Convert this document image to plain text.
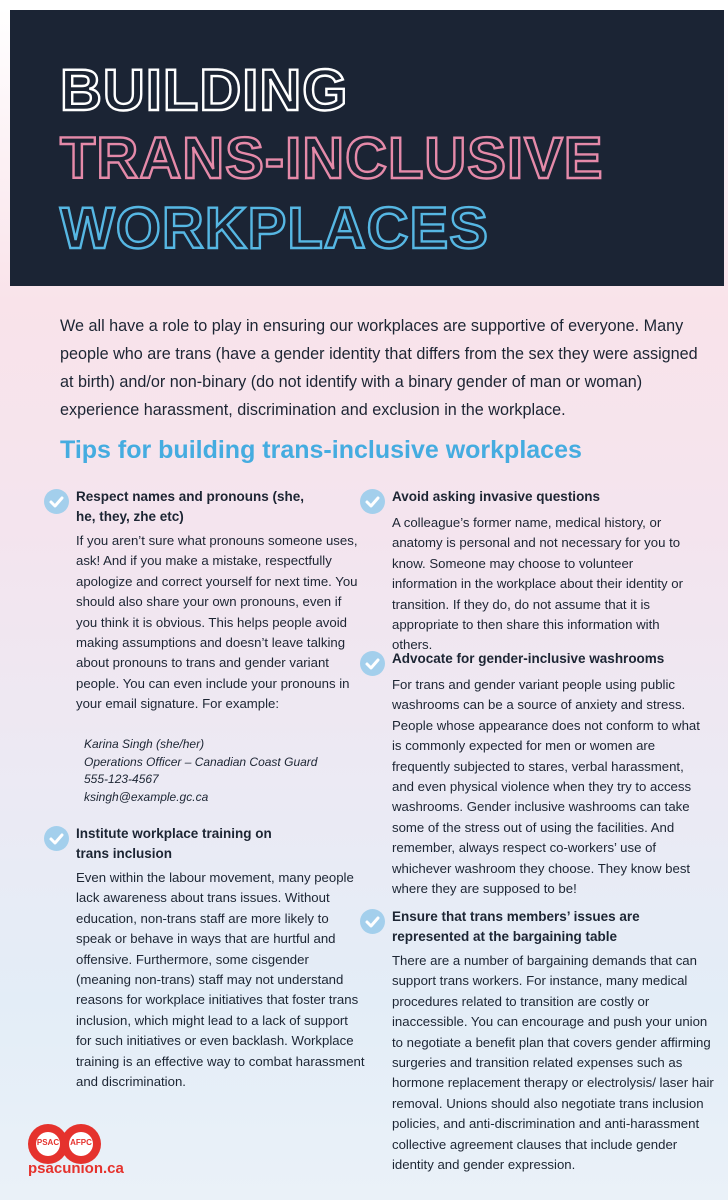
BUILDING
TRANS-INCLUSIVE
WORKPLACES

We all have a role to play in ensuring our workplaces are supportive of everyone. Many people who are trans (have a gender identity that differs from the sex they were assigned at birth) and/or non-binary (do not identify with a binary gender of man or woman) experience harassment, discrimination and exclusion in the workplace.

Tips for building trans-inclusive workplaces

Respect names and pronouns (she, he, they, zhe etc)

If you aren’t sure what pronouns someone uses, ask! And if you make a mistake, respectfully apologize and correct yourself for next time. You should also share your own pronouns, even if you think it is obvious. This helps people avoid making assumptions and doesn’t leave talking about pronouns to trans and gender variant people. You can even include your pronouns in your email signature. For example:

Karina Singh (she/her)
Operations Officer – Canadian Coast Guard
555-123-4567
ksingh@example.gc.ca

Institute workplace training on trans inclusion

Even within the labour movement, many people lack awareness about trans issues. Without education, non-trans staff are more likely to speak or behave in ways that are hurtful and offensive. Furthermore, some cisgender (meaning non-trans) staff may not understand reasons for workplace initiatives that foster trans inclusion, which might lead to a lack of support for such initiatives or even backlash. Workplace training is an effective way to combat harassment and discrimination.

Avoid asking invasive questions

A colleague’s former name, medical history, or anatomy is personal and not necessary for you to know. Someone may choose to volunteer information in the workplace about their identity or transition. If they do, do not assume that it is appropriate to then share this information with others.

Advocate for gender-inclusive washrooms

For trans and gender variant people using public washrooms can be a source of anxiety and stress. People whose appearance does not conform to what is commonly expected for men or women are frequently subjected to stares, verbal harassment, and even physical violence when they try to access washrooms. Gender inclusive washrooms can take some of the stress out of using the facilities. And remember, always respect co-workers’ use of whichever washroom they choose. They know best where they are supposed to be!

Ensure that trans members’ issues are represented at the bargaining table

There are a number of bargaining demands that can support trans workers. For instance, many medical procedures related to transition are costly or inaccessible. You can encourage and push your union to negotiate a benefit plan that covers gender affirming surgeries and transition related expenses such as hormone replacement therapy or electrolysis/ laser hair removal. Unions should also negotiate trans inclusion policies, and anti-discrimination and anti-harassment collective agreement clauses that include gender identity and gender expression.

PSAC	AFPC

psacunion.ca
